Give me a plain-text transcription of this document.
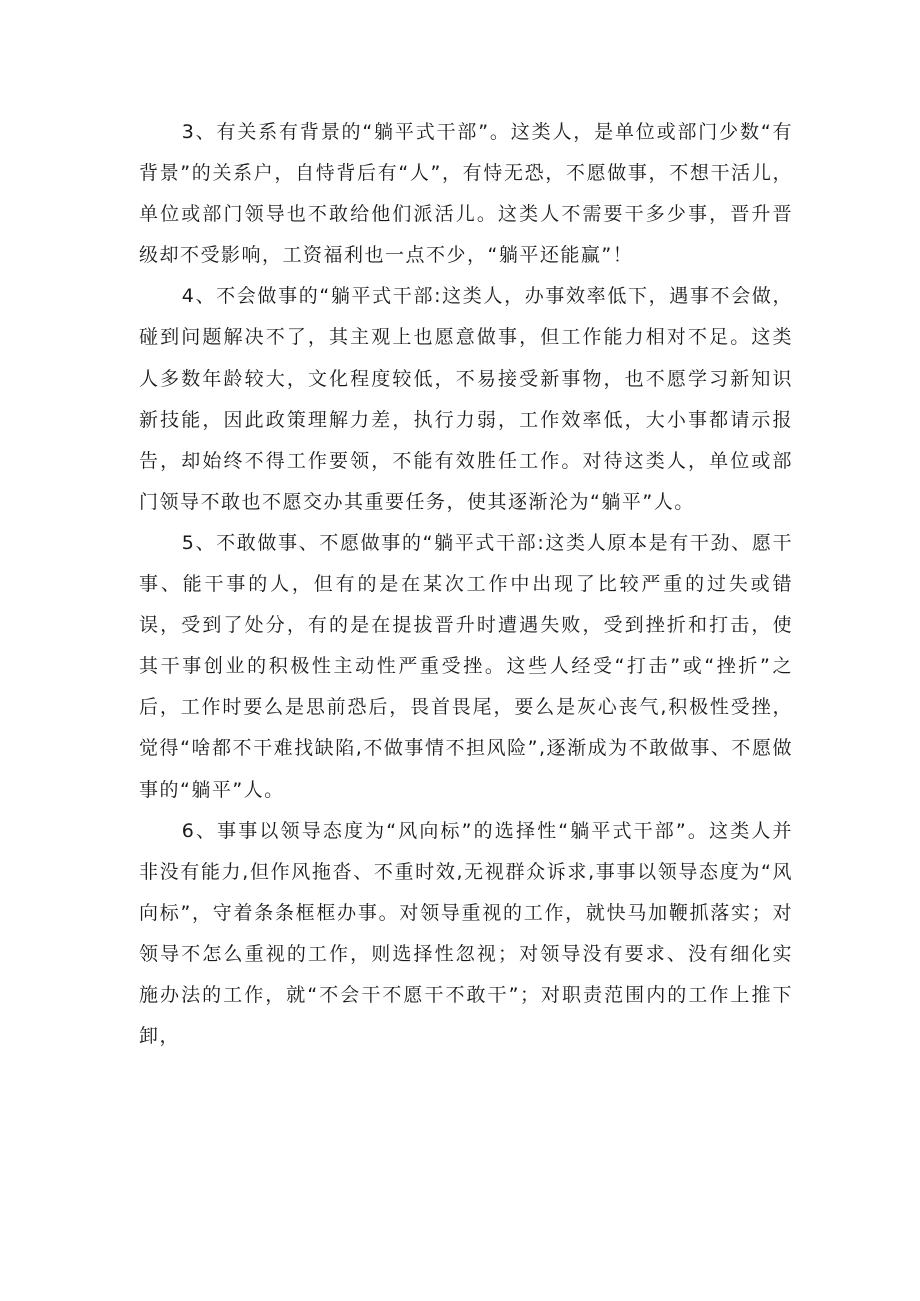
3、有关系有背景的“躺平式干部”。这类人，是单位或部门少数“有背景”的关系户，自恃背后有“人”，有恃无恐，不愿做事，不想干活儿，单位或部门领导也不敢给他们派活儿。这类人不需要干多少事，晋升晋级却不受影响，工资福利也一点不少，“躺平还能赢”！

4、不会做事的“躺平式干部:这类人，办事效率低下，遇事不会做，碰到问题解决不了，其主观上也愿意做事，但工作能力相对不足。这类人多数年龄较大，文化程度较低，不易接受新事物，也不愿学习新知识新技能，因此政策理解力差，执行力弱，工作效率低，大小事都请示报告，却始终不得工作要领，不能有效胜任工作。对待这类人，单位或部门领导不敢也不愿交办其重要任务，使其逐渐沦为“躺平”人。

5、不敢做事、不愿做事的“躺平式干部:这类人原本是有干劲、愿干事、能干事的人，但有的是在某次工作中出现了比较严重的过失或错误，受到了处分，有的是在提拔晋升时遭遇失败，受到挫折和打击，使其干事创业的积极性主动性严重受挫。这些人经受“打击”或“挫折”之后，工作时要么是思前恐后，畏首畏尾，要么是灰心丧气,积极性受挫，觉得“啥都不干难找缺陷,不做事情不担风险”,逐渐成为不敢做事、不愿做事的“躺平”人。

6、事事以领导态度为“风向标”的选择性“躺平式干部”。这类人并非没有能力,但作风拖沓、不重时效,无视群众诉求,事事以领导态度为“风向标”，守着条条框框办事。对领导重视的工作，就快马加鞭抓落实；对领导不怎么重视的工作，则选择性忽视；对领导没有要求、没有细化实施办法的工作，就“不会干不愿干不敢干”；对职责范围内的工作上推下卸，
